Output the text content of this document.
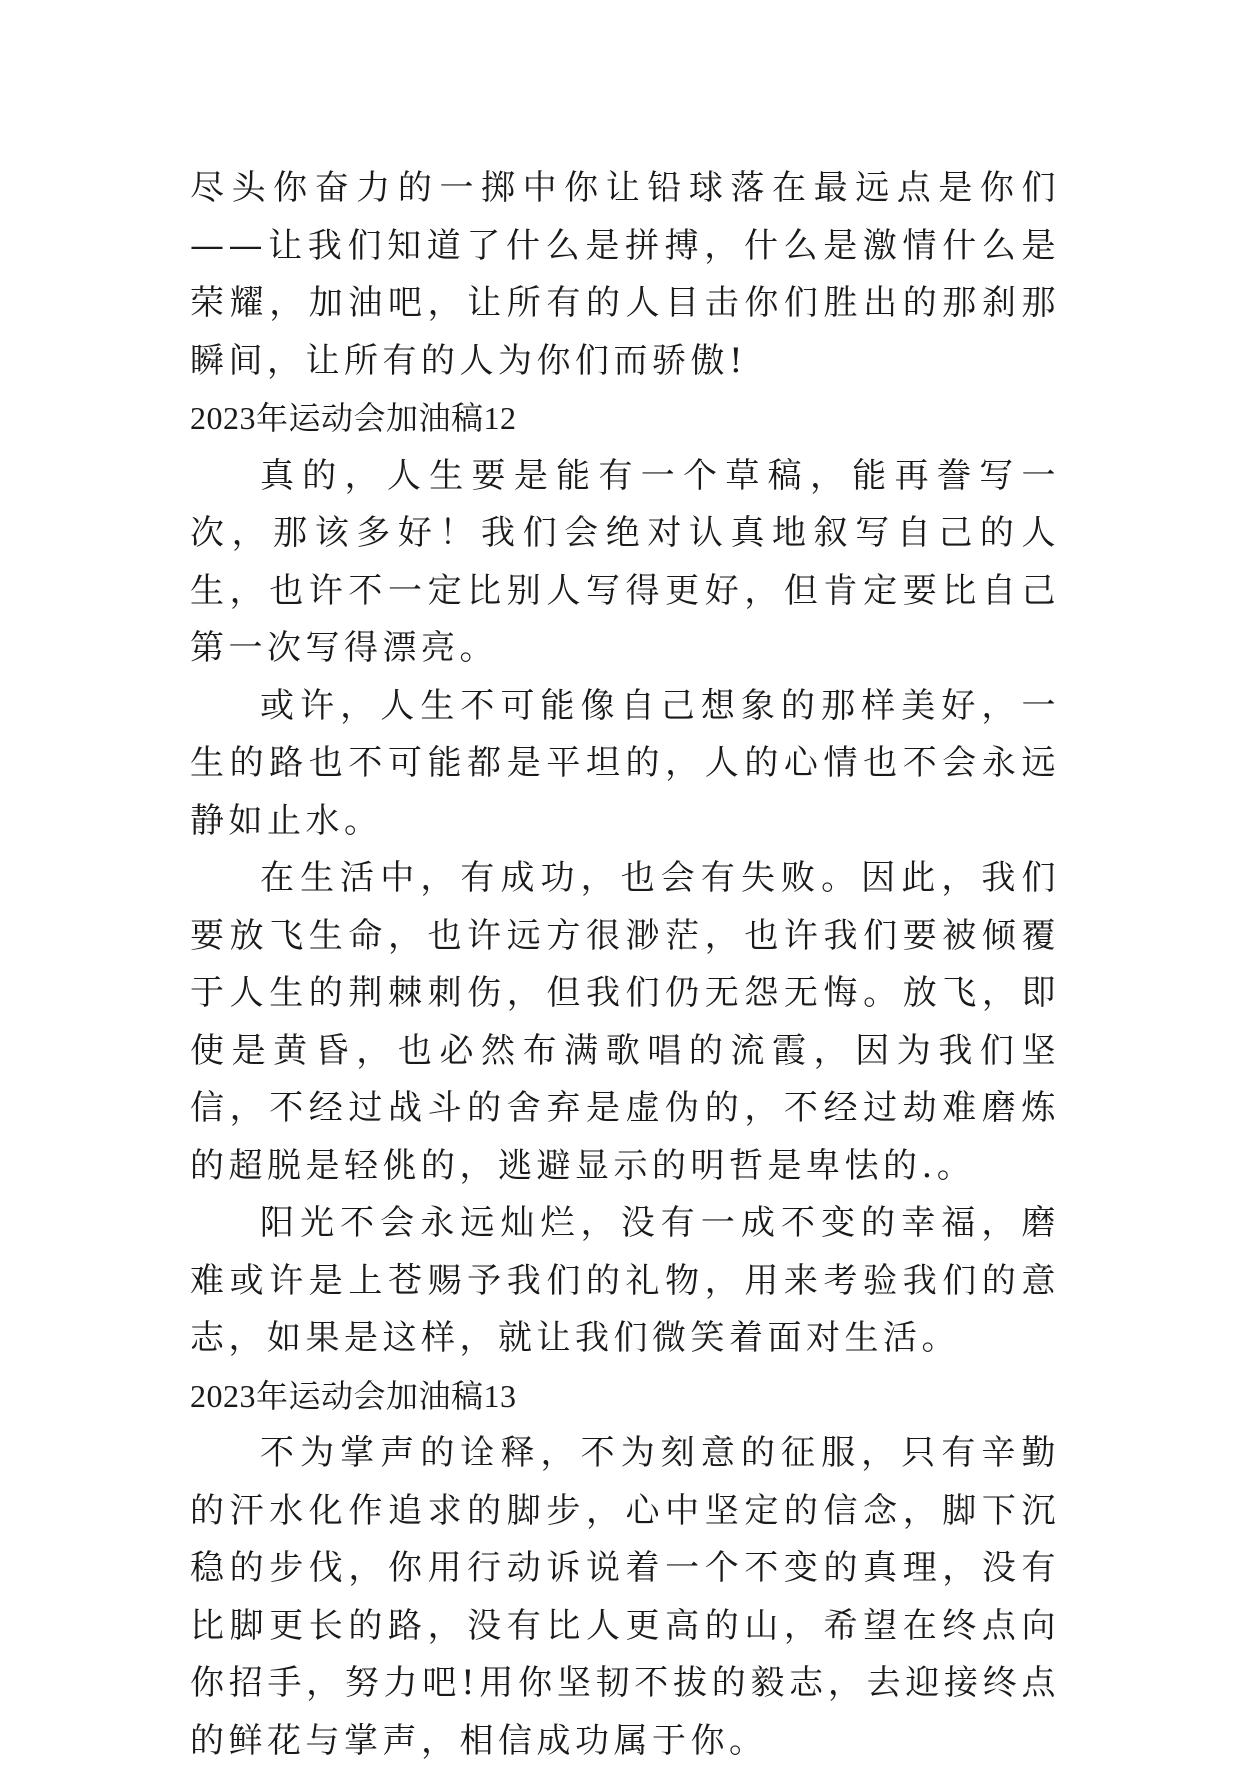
尽头你奋力的一掷中你让铅球落在最远点是你们——让我们知道了什么是拼搏，什么是激情什么是荣耀，加油吧，让所有的人目击你们胜出的那刹那瞬间，让所有的人为你们而骄傲!

2023年运动会加油稿12

真的，人生要是能有一个草稿，能再誊写一次，那该多好！我们会绝对认真地叙写自己的人生，也许不一定比别人写得更好，但肯定要比自己第一次写得漂亮。

或许，人生不可能像自己想象的那样美好，一生的路也不可能都是平坦的，人的心情也不会永远静如止水。

在生活中，有成功，也会有失败。因此，我们要放飞生命，也许远方很渺茫，也许我们要被倾覆于人生的荆棘刺伤，但我们仍无怨无悔。放飞，即使是黄昏，也必然布满歌唱的流霞，因为我们坚信，不经过战斗的舍弃是虚伪的，不经过劫难磨炼的超脱是轻佻的，逃避显示的明哲是卑怯的.。

阳光不会永远灿烂，没有一成不变的幸福，磨难或许是上苍赐予我们的礼物，用来考验我们的意志，如果是这样，就让我们微笑着面对生活。

2023年运动会加油稿13

不为掌声的诠释，不为刻意的征服，只有辛勤的汗水化作追求的脚步，心中坚定的信念，脚下沉稳的步伐，你用行动诉说着一个不变的真理，没有比脚更长的路，没有比人更高的山，希望在终点向你招手，努力吧!用你坚韧不拔的毅志，去迎接终点的鲜花与掌声，相信成功属于你。
